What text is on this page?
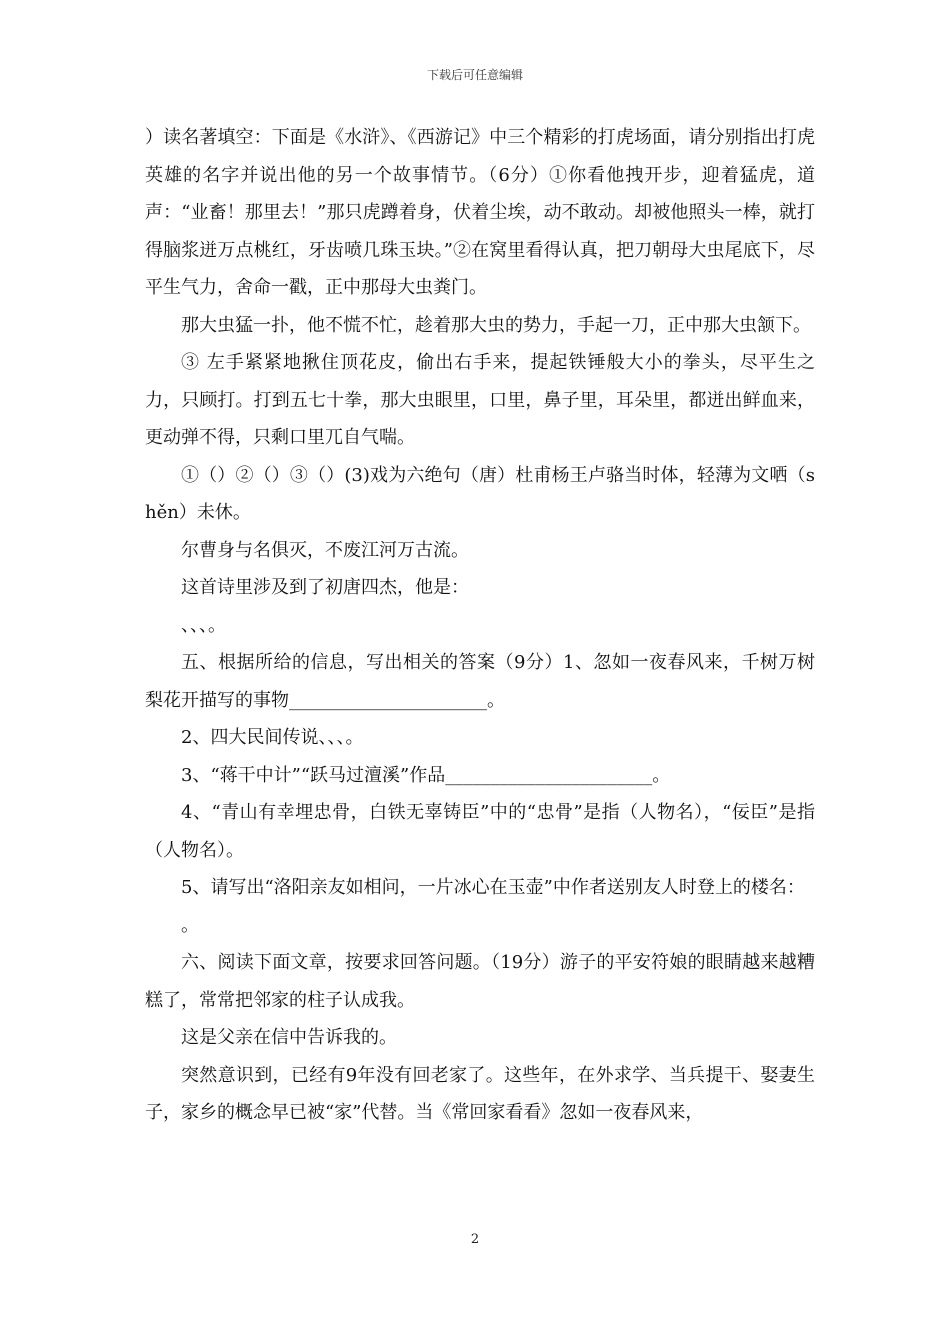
下载后可任意编辑

）读名著填空：下面是《水浒》、《西游记》中三个精彩的打虎场面，请分别指出打虎英雄的名字并说出他的另一个故事情节。（6分）①你看他拽开步，迎着猛虎，道声：“业畜！那里去！”那只虎蹲着身，伏着尘埃，动不敢动。却被他照头一棒，就打得脑浆迸万点桃红，牙齿喷几珠玉块。”②在窝里看得认真，把刀朝母大虫尾底下，尽平生气力，舍命一戳，正中那母大虫粪门。

那大虫猛一扑，他不慌不忙，趁着那大虫的势力，手起一刀，正中那大虫颔下。

③ 左手紧紧地揪住顶花皮，偷出右手来，提起铁锤般大小的拳头，尽平生之力，只顾打。打到五七十拳，那大虫眼里，口里，鼻子里，耳朵里，都迸出鲜血来，更动弹不得，只剩口里兀自气喘。

①（）②（）③（）(3)戏为六绝句（唐）杜甫杨王卢骆当时体，轻薄为文哂（shěn）未休。

尔曹身与名俱灭，不废江河万古流。

这首诗里涉及到了初唐四杰，他是：

、、、。

五、根据所给的信息，写出相关的答案（9分）1、忽如一夜春风来，千树万树梨花开描写的事物______________________。

2、四大民间传说、、、。

3、“蒋干中计”“跃马过澶溪”作品_______________________。

4、“青山有幸埋忠骨，白铁无辜铸臣”中的“忠骨”是指（人物名），“佞臣”是指（人物名）。

5、请写出“洛阳亲友如相问，一片冰心在玉壶”中作者送别友人时登上的楼名：

。

六、阅读下面文章，按要求回答问题。（19分）游子的平安符娘的眼睛越来越糟糕了，常常把邻家的柱子认成我。

这是父亲在信中告诉我的。

突然意识到，已经有9年没有回老家了。这些年，在外求学、当兵提干、娶妻生子，家乡的概念早已被“家”代替。当《常回家看看》忽如一夜春风来，

2
